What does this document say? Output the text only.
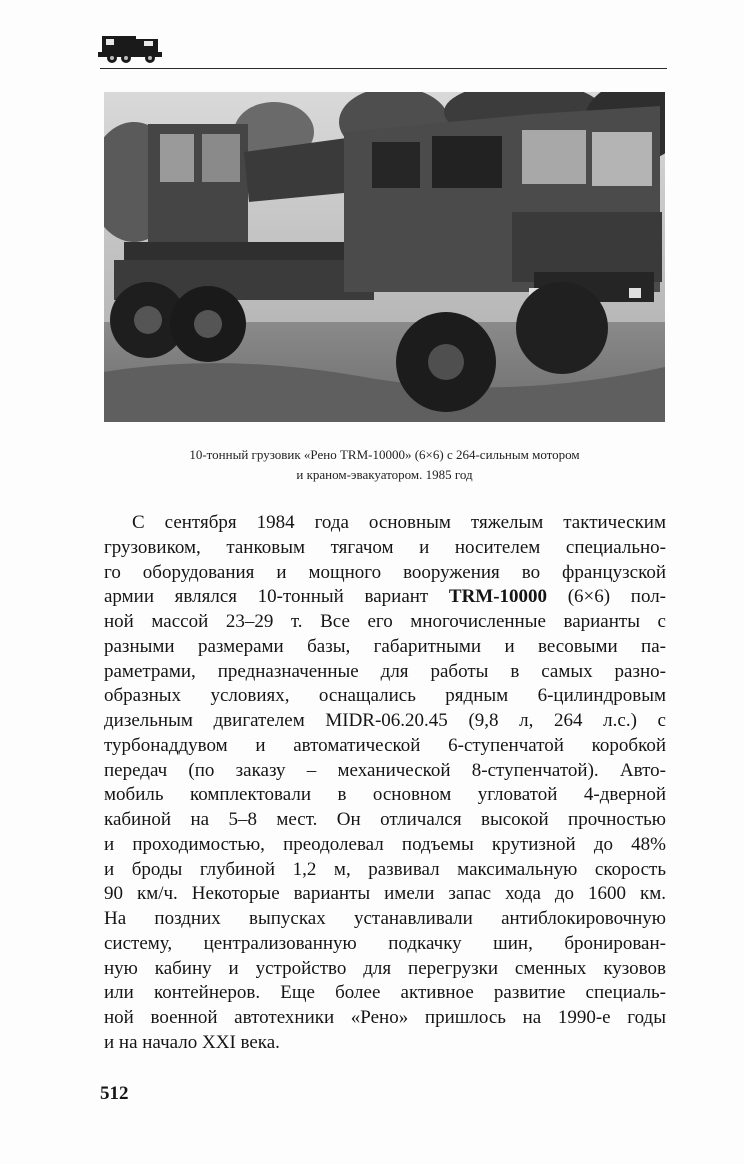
10-тонный грузовик «Рено TRM-10000» (6×6) с 264-сильным мотором
и краном-эвакуатором. 1985 год
С сентября 1984 года основным тяжелым тактическим
грузовиком, танковым тягачом и носителем специально-
го оборудования и мощного вооружения во французской
армии являлся 10-тонный вариант TRM-10000 (6×6) пол-
ной массой 23–29 т. Все его многочисленные варианты с
разными размерами базы, габаритными и весовыми па-
раметрами, предназначенные для работы в самых разно-
образных условиях, оснащались рядным 6-цилиндровым
дизельным двигателем MIDR-06.20.45 (9,8 л, 264 л.с.) с
турбонаддувом и автоматической 6-ступенчатой коробкой
передач (по заказу – механической 8-ступенчатой). Авто-
мобиль комплектовали в основном угловатой 4-дверной
кабиной на 5–8 мест. Он отличался высокой прочностью
и проходимостью, преодолевал подъемы крутизной до 48%
и броды глубиной 1,2 м, развивал максимальную скорость
90 км/ч. Некоторые варианты имели запас хода до 1600 км.
На поздних выпусках устанавливали антиблокировочную
систему, централизованную подкачку шин, бронирован-
ную кабину и устройство для перегрузки сменных кузовов
или контейнеров. Еще более активное развитие специаль-
ной военной автотехники «Рено» пришлось на 1990-е годы
и на начало XXI века.
512
